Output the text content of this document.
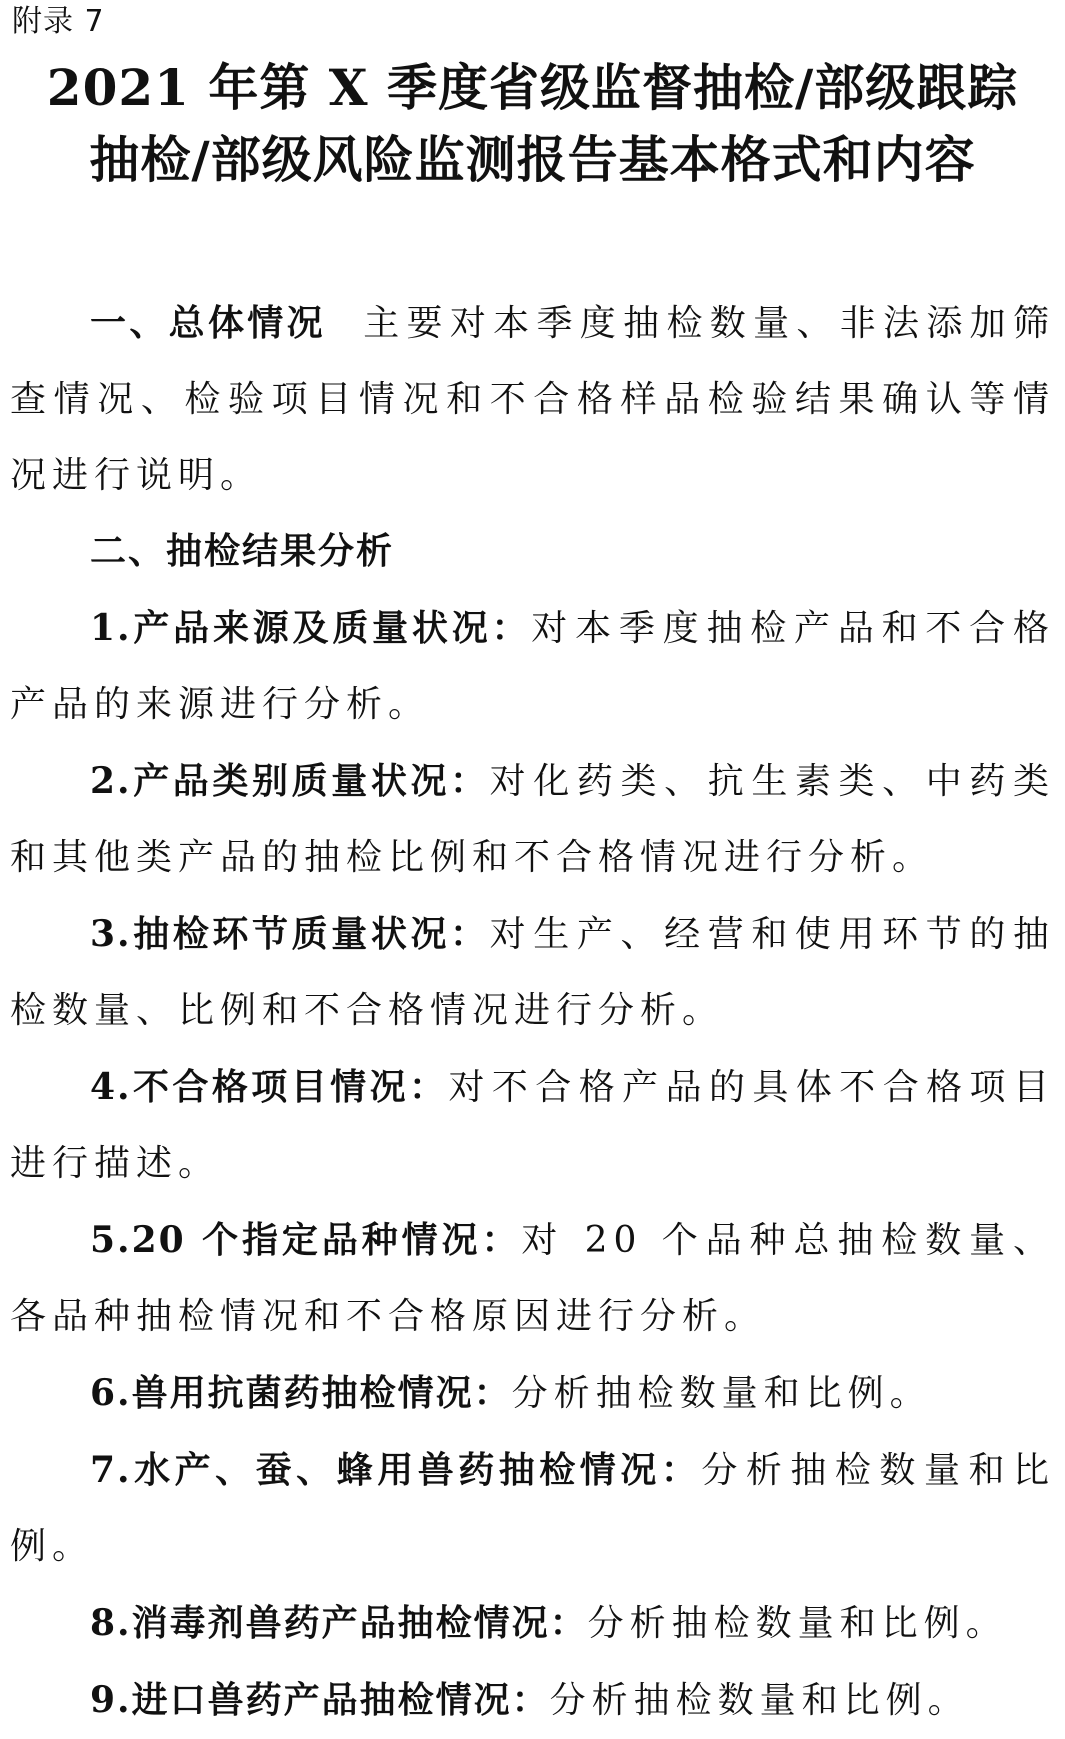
附录 7
2021 年第 X 季度省级监督抽检/部级跟踪
抽检/部级风险监测报告基本格式和内容

一、总体情况 主要对本季度抽检数量、非法添加筛查情况、检验项目情况和不合格样品检验结果确认等情况进行说明。

二、抽检结果分析

1.产品来源及质量状况：对本季度抽检产品和不合格产品的来源进行分析。

2.产品类别质量状况：对化药类、抗生素类、中药类和其他类产品的抽检比例和不合格情况进行分析。

3.抽检环节质量状况：对生产、经营和使用环节的抽检数量、比例和不合格情况进行分析。

4.不合格项目情况：对不合格产品的具体不合格项目进行描述。

5.20 个指定品种情况：对 20 个品种总抽检数量、各品种抽检情况和不合格原因进行分析。

6.兽用抗菌药抽检情况：分析抽检数量和比例。

7.水产、蚕、蜂用兽药抽检情况：分析抽检数量和比例。

8.消毒剂兽药产品抽检情况：分析抽检数量和比例。

9.进口兽药产品抽检情况：分析抽检数量和比例。
